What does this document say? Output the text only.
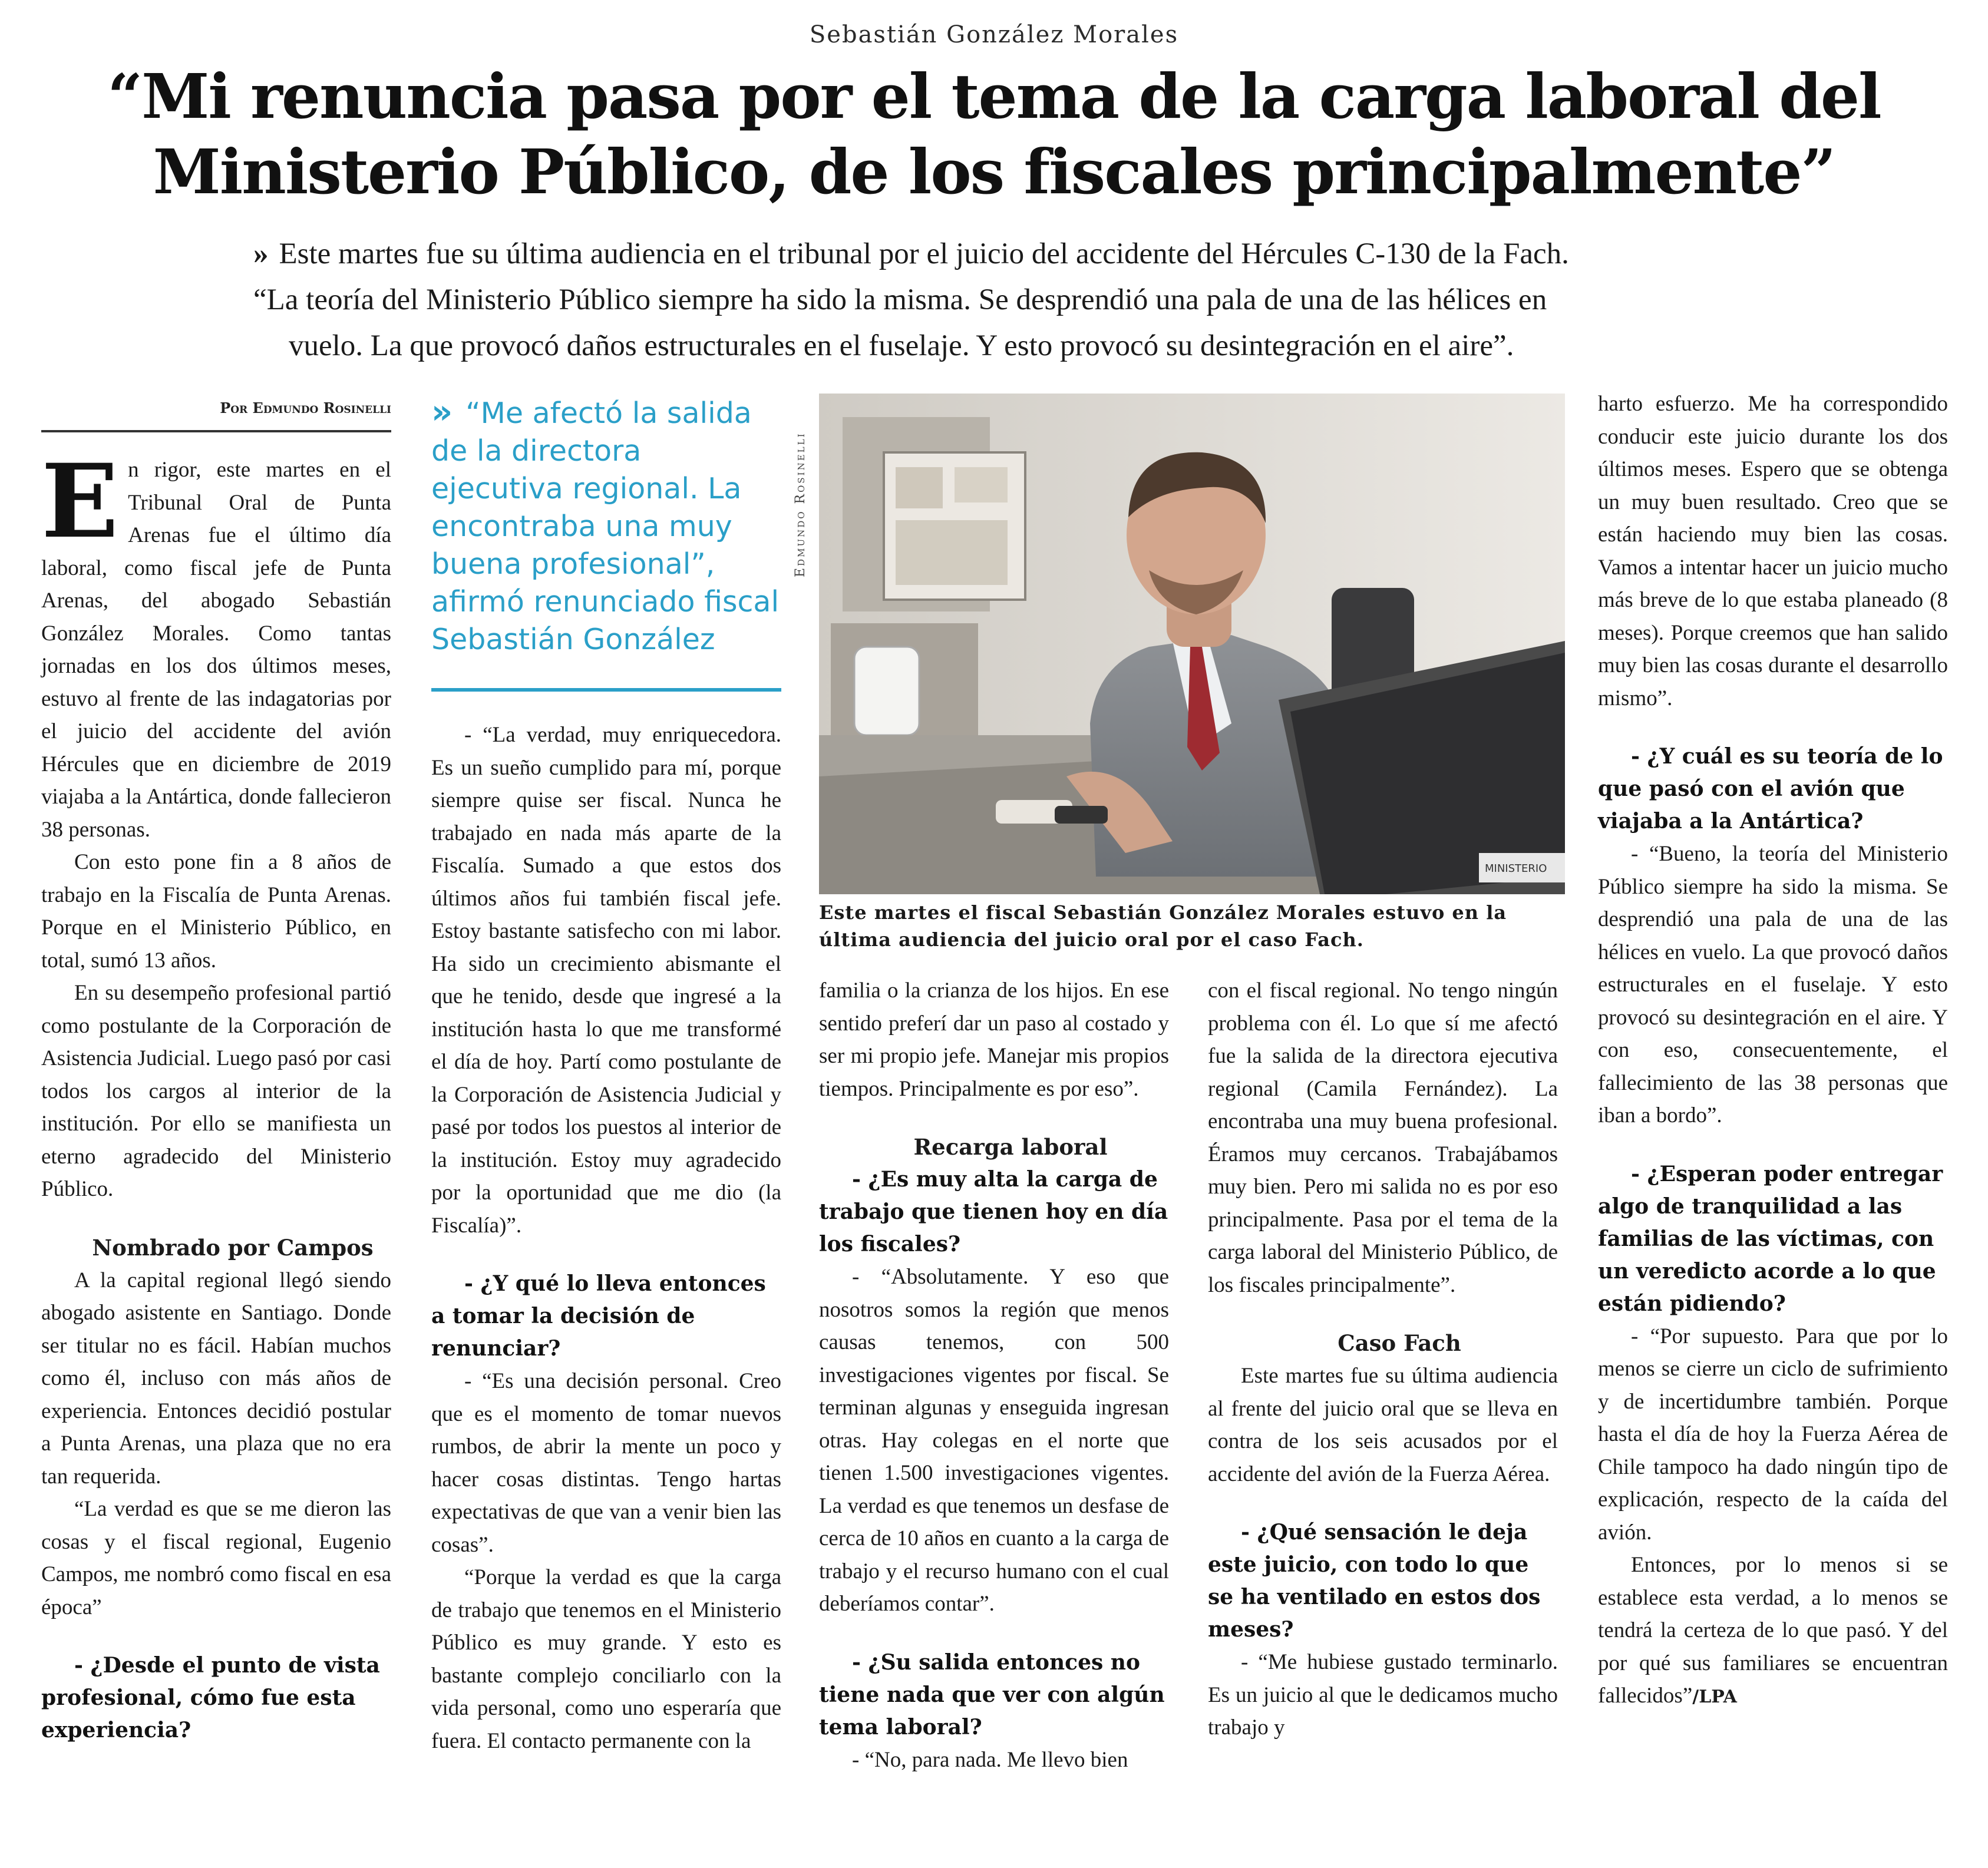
Sebastián González Morales
“Mi renuncia pasa por el tema de la carga laboral del
Ministerio Público, de los fiscales principalmente”
» Este martes fue su última audiencia en el tribunal por el juicio del accidente del Hércules C-130 de la Fach.
“La teoría del Ministerio Público siempre ha sido la misma. Se desprendió una pala de una de las hélices en
vuelo. La que provocó daños estructurales en el fuselaje. Y esto provocó su desintegración en el aire”.
Por Edmundo Rosinelli

En rigor, este martes en el Tribunal Oral de Punta Arenas fue el último día laboral, como fiscal jefe de Punta Arenas, del abogado Sebastián González Morales. Como tantas jornadas en los dos últimos meses, estuvo al frente de las indagatorias por el juicio del accidente del avión Hércules que en diciembre de 2019 viajaba a la Antártica, donde fallecieron 38 personas.

Con esto pone fin a 8 años de trabajo en la Fiscalía de Punta Arenas. Porque en el Ministerio Público, en total, sumó 13 años.

En su desempeño profesional partió como postulante de la Corporación de Asistencia Judicial. Luego pasó por casi todos los cargos al interior de la institución. Por ello se manifiesta un eterno agradecido del Ministerio Público.

Nombrado por Campos

A la capital regional llegó siendo abogado asistente en Santiago. Donde ser titular no es fácil. Habían muchos como él, incluso con más años de experiencia. Entonces decidió postular a Punta Arenas, una plaza que no era tan requerida.

“La verdad es que se me dieron las cosas y el fiscal regional, Eugenio Campos, me nombró como fiscal en esa época”

- ¿Desde el punto de vista profesional, cómo fue esta experiencia?

» “Me afectó la salida de la directora ejecutiva regional. La encontraba una muy buena profesional”, afirmó renunciado fiscal Sebastián González

- “La verdad, muy enriquecedora. Es un sueño cumplido para mí, porque siempre quise ser fiscal. Nunca he trabajado en nada más aparte de la Fiscalía. Sumado a que estos dos últimos años fui también fiscal jefe. Estoy bastante satisfecho con mi labor. Ha sido un crecimiento abismante el que he tenido, desde que ingresé a la institución hasta lo que me transformé el día de hoy. Partí como postulante de la Corporación de Asistencia Judicial y pasé por todos los puestos al interior de la institución. Estoy muy agradecido por la oportunidad que me dio (la Fiscalía)”.

- ¿Y qué lo lleva entonces a tomar la decisión de renunciar?

- “Es una decisión personal. Creo que es el momento de tomar nuevos rumbos, de abrir la mente un poco y hacer cosas distintas. Tengo hartas expectativas de que van a venir bien las cosas”.

“Porque la verdad es que la carga de trabajo que tenemos en el Ministerio Público es muy grande. Y esto es bastante complejo conciliarlo con la vida personal, como uno esperaría que fuera. El contacto permanente con la

Edmundo Rosinelli
MINISTERIO
Este martes el fiscal Sebastián González Morales estuvo en la última audiencia del juicio oral por el caso Fach.

familia o la crianza de los hijos. En ese sentido preferí dar un paso al costado y ser mi propio jefe. Manejar mis propios tiempos. Principalmente es por eso”.

Recarga laboral

- ¿Es muy alta la carga de trabajo que tienen hoy en día los fiscales?

- “Absolutamente. Y eso que nosotros somos la región que menos causas tenemos, con 500 investigaciones vigentes por fiscal. Se terminan algunas y enseguida ingresan otras. Hay colegas en el norte que tienen 1.500 investigaciones vigentes. La verdad es que tenemos un desfase de cerca de 10 años en cuanto a la carga de trabajo y el recurso humano con el cual deberíamos contar”.

- ¿Su salida entonces no tiene nada que ver con algún tema laboral?

- “No, para nada. Me llevo bien

con el fiscal regional. No tengo ningún problema con él. Lo que sí me afectó fue la salida de la directora ejecutiva regional (Camila Fernández). La encontraba una muy buena profesional. Éramos muy cercanos. Trabajábamos muy bien. Pero mi salida no es por eso principalmente. Pasa por el tema de la carga laboral del Ministerio Público, de los fiscales principalmente”.

Caso Fach

Este martes fue su última audiencia al frente del juicio oral que se lleva en contra de los seis acusados por el accidente del avión de la Fuerza Aérea.

- ¿Qué sensación le deja este juicio, con todo lo que se ha ventilado en estos dos meses?

- “Me hubiese gustado terminarlo. Es un juicio al que le dedicamos mucho trabajo y

harto esfuerzo. Me ha correspondido conducir este juicio durante los dos últimos meses. Espero que se obtenga un muy buen resultado. Creo que se están haciendo muy bien las cosas. Vamos a intentar hacer un juicio mucho más breve de lo que estaba planeado (8 meses). Porque creemos que han salido muy bien las cosas durante el desarrollo mismo”.

- ¿Y cuál es su teoría de lo que pasó con el avión que viajaba a la Antártica?

- “Bueno, la teoría del Ministerio Público siempre ha sido la misma. Se desprendió una pala de una de las hélices en vuelo. La que provocó daños estructurales en el fuselaje. Y esto provocó su desintegración en el aire. Y con eso, consecuentemente, el fallecimiento de las 38 personas que iban a bordo”.

- ¿Esperan poder entregar algo de tranquilidad a las familias de las víctimas, con un veredicto acorde a lo que están pidiendo?

- “Por supuesto. Para que por lo menos se cierre un ciclo de sufrimiento y de incertidumbre también. Porque hasta el día de hoy la Fuerza Aérea de Chile tampoco ha dado ningún tipo de explicación, respecto de la caída del avión.

Entonces, por lo menos si se establece esta verdad, a lo menos se tendrá la certeza de lo que pasó. Y del por qué sus familiares se encuentran fallecidos”/LPA
